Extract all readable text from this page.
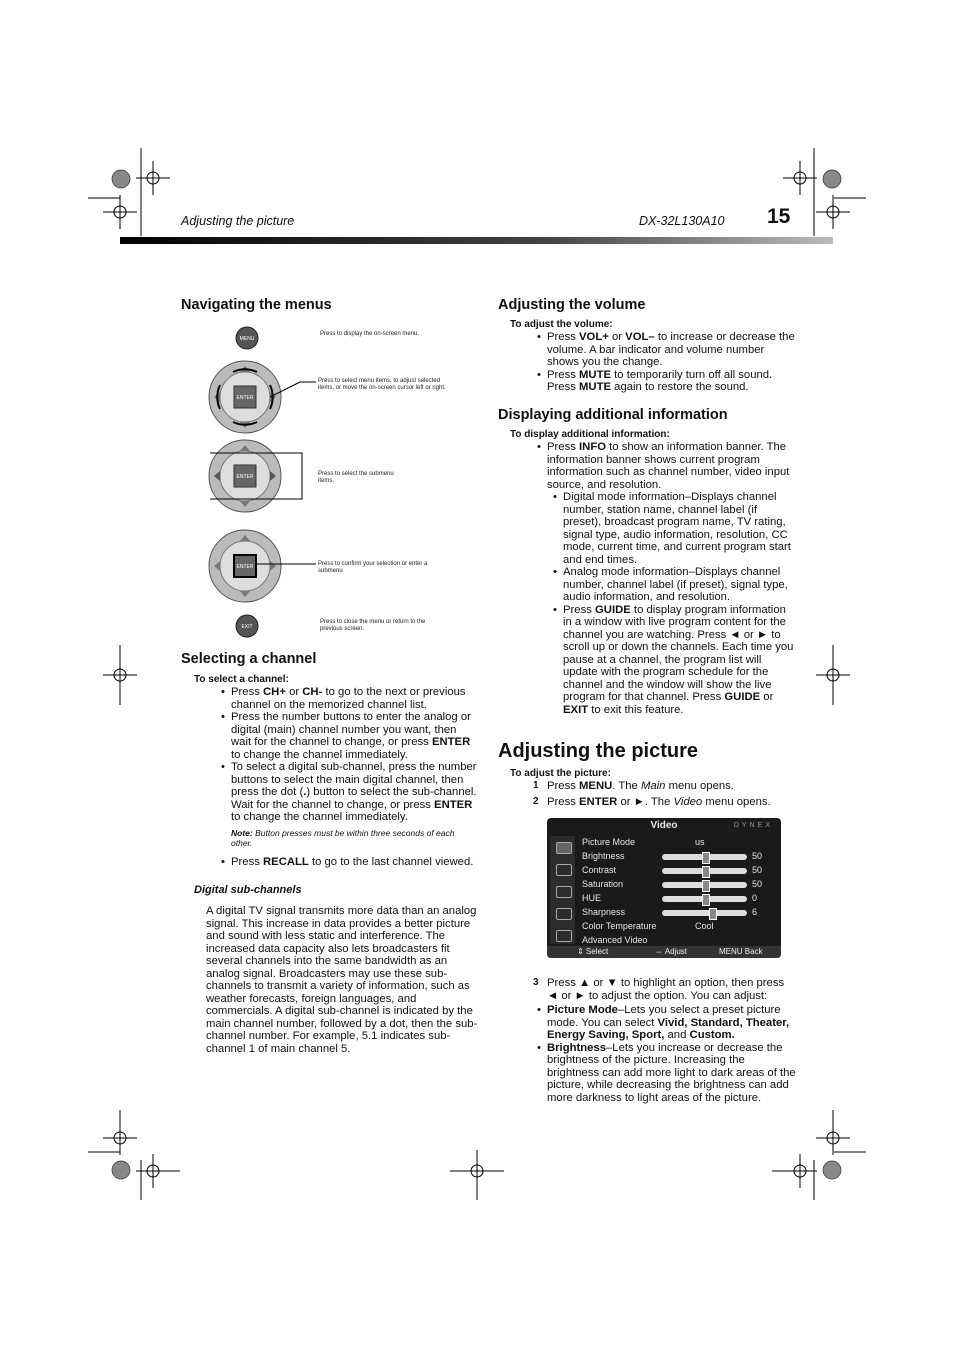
Adjusting the picture	DX-32L130A10 15
Navigating the menus
MENU
ENTER
ENTER
ENTER
EXIT
Press to display the on-screen menu.
Press to select menu items, to adjust selected items, or move the on-screen cursor left or right.
Press to select the submenu items.
Press to confirm your selection or enter a submenu
Press to close the menu or return to the previous screen.
Selecting a channel
To select a channel:
• Press CH+ or CH- to go to the next or previous channel on the memorized channel list.
• Press the number buttons to enter the analog or digital (main) channel number you want, then wait for the channel to change, or press ENTER to change the channel immediately.
• To select a digital sub-channel, press the number buttons to select the main digital channel, then press the dot (.) button to select the sub-channel. Wait for the channel to change, or press ENTER to change the channel immediately.
Note: Button presses must be within three seconds of each other.
• Press RECALL to go to the last channel viewed.
Digital sub-channels
A digital TV signal transmits more data than an analog signal. This increase in data provides a better picture and sound with less static and interference. The increased data capacity also lets broadcasters fit several channels into the same bandwidth as an analog signal. Broadcasters may use these sub-channels to transmit a variety of information, such as weather forecasts, foreign languages, and commercials. A digital sub-channel is indicated by the main channel number, followed by a dot, then the sub-channel number. For example, 5.1 indicates sub-channel 1 of main channel 5.
Adjusting the volume
To adjust the volume:
• Press VOL+ or VOL– to increase or decrease the volume. A bar indicator and volume number shows you the change.
• Press MUTE to temporarily turn off all sound. Press MUTE again to restore the sound.
Displaying additional information
To display additional information:
• Press INFO to show an information banner. The information banner shows current program information such as channel number, video input source, and resolution.
• Digital mode information–Displays channel number, station name, channel label (if preset), broadcast program name, TV rating, signal type, audio information, resolution, CC mode, current time, and current program start and end times.
• Analog mode information–Displays channel number, channel label (if preset), signal type, audio information, and resolution.
• Press GUIDE to display program information in a window with live program content for the channel you are watching. Press ◄ or ► to scroll up or down the channels. Each time you pause at a channel, the program list will update with the program schedule for the channel and the window will show the live program for that channel. Press GUIDE or EXIT to exit this feature.
Adjusting the picture
To adjust the picture:
1 Press MENU. The Main menu opens.
2 Press ENTER or ►. The Video menu opens.
Video	DYNEX
Picture Mode	us
Brightness	50
Contrast	50
Saturation	50
HUE	0
Sharpness	6
Color Temperature	Cool
Advanced Video
⇕ Select	⇔ Adjust	MENU Back
3 Press ▲ or ▼ to highlight an option, then press ◄ or ► to adjust the option. You can adjust:
• Picture Mode–Lets you select a preset picture mode. You can select Vivid, Standard, Theater, Energy Saving, Sport, and Custom.
• Brightness–Lets you increase or decrease the brightness of the picture. Increasing the brightness can add more light to dark areas of the picture, while decreasing the brightness can add more darkness to light areas of the picture.
